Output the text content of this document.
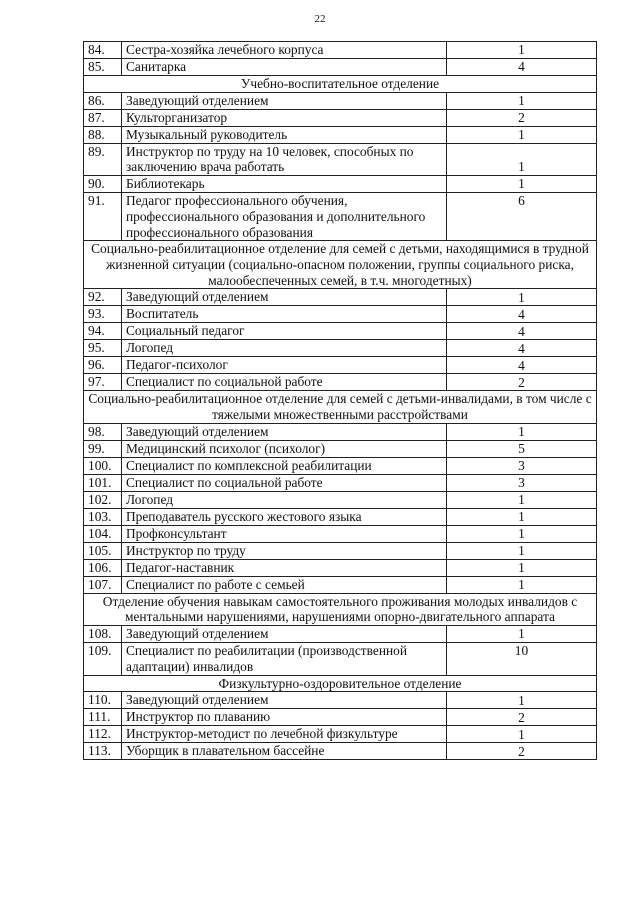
22
84.	Сестра-хозяйка лечебного корпуса	1
85.	Санитарка	4
Учебно-воспитательное отделение		
86.	Заведующий отделением	1
87.	Культорганизатор	2
88.	Музыкальный руководитель	1
89.	Инструктор по труду на 10 человек, способных по заключению врача работать	1
90.	Библиотекарь	1
91.	Педагог профессионального обучения, профессионального образования и дополнительного профессионального образования	6
Социально-реабилитационное отделение для семей с детьми, находящимися в трудной жизненной ситуации (социально-опасном положении, группы социального риска, малообеспеченных семей, в т.ч. многодетных)		
92.	Заведующий отделением	1
93.	Воспитатель	4
94.	Социальный педагог	4
95.	Логопед	4
96.	Педагог-психолог	4
97.	Специалист по социальной работе	2
Социально-реабилитационное отделение для семей с детьми-инвалидами, в том числе с тяжелыми множественными расстройствами		
98.	Заведующий отделением	1
99.	Медицинский психолог (психолог)	5
100.	Специалист по комплексной реабилитации	3
101.	Специалист по социальной работе	3
102.	Логопед	1
103.	Преподаватель русского жестового языка	1
104.	Профконсультант	1
105.	Инструктор по труду	1
106.	Педагог-наставник	1
107.	Специалист по работе с семьей	1
Отделение обучения навыкам самостоятельного проживания молодых инвалидов с ментальными нарушениями, нарушениями опорно-двигательного аппарата		
108.	Заведующий отделением	1
109.	Специалист по реабилитации (производственной адаптации) инвалидов	10
Физкультурно-оздоровительное отделение		
110.	Заведующий отделением	1
111.	Инструктор по плаванию	2
112.	Инструктор-методист по лечебной физкультуре	1
113.	Уборщик в плавательном бассейне	2
